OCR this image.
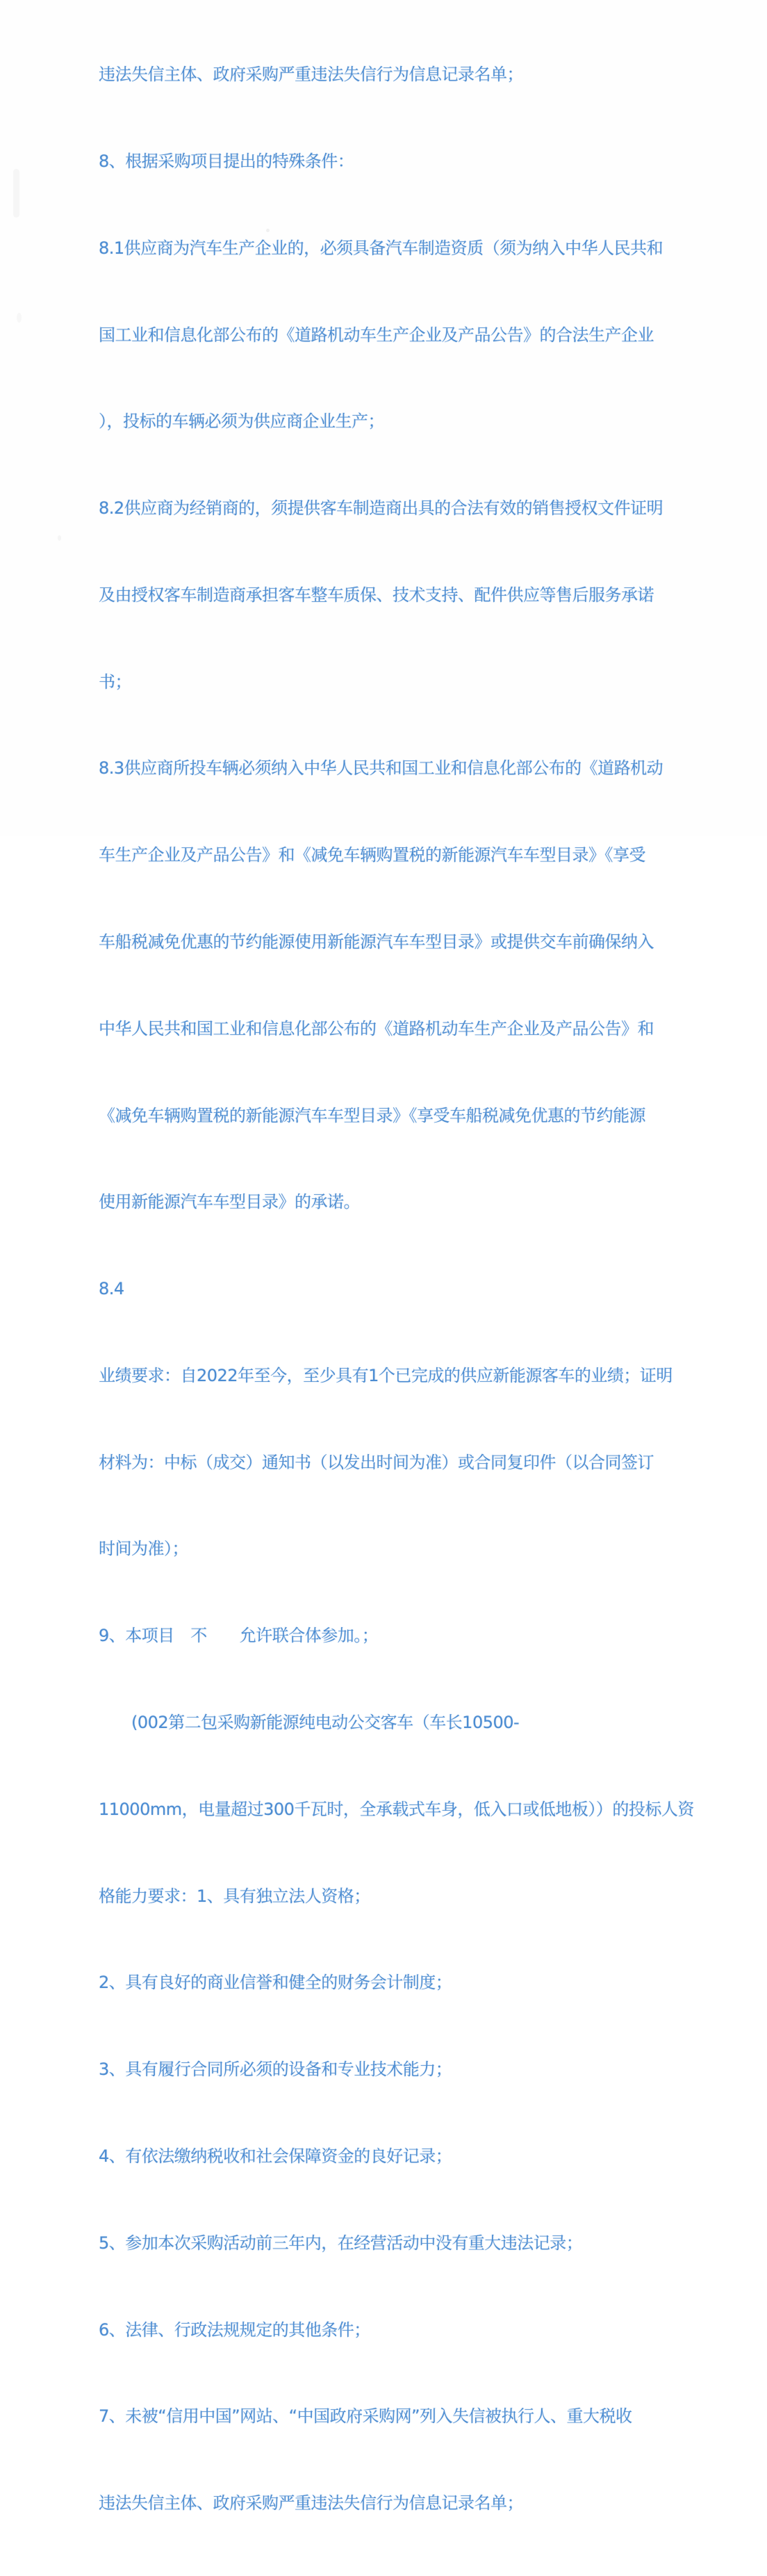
违法失信主体、政府采购严重违法失信行为信息记录名单；

8、根据采购项目提出的特殊条件：

8.1供应商为汽车生产企业的，必须具备汽车制造资质（须为纳入中华人民共和

国工业和信息化部公布的《道路机动车生产企业及产品公告》的合法生产企业

），投标的车辆必须为供应商企业生产；

8.2供应商为经销商的，须提供客车制造商出具的合法有效的销售授权文件证明

及由授权客车制造商承担客车整车质保、技术支持、配件供应等售后服务承诺

书；

8.3供应商所投车辆必须纳入中华人民共和国工业和信息化部公布的《道路机动

车生产企业及产品公告》和《减免车辆购置税的新能源汽车车型目录》《享受

车船税减免优惠的节约能源使用新能源汽车车型目录》或提供交车前确保纳入

中华人民共和国工业和信息化部公布的《道路机动车生产企业及产品公告》和

《减免车辆购置税的新能源汽车车型目录》《享受车船税减免优惠的节约能源

使用新能源汽车车型目录》的承诺。

8.4

业绩要求：自2022年至今，至少具有1个已完成的供应新能源客车的业绩；证明

材料为：中标（成交）通知书（以发出时间为准）或合同复印件（以合同签订

时间为准）；

9、本项目　不　　允许联合体参加。；

　　(002第二包采购新能源纯电动公交客车（车长10500-

11000mm，电量超过300千瓦时，全承载式车身，低入口或低地板））的投标人资

格能力要求：1、具有独立法人资格；

2、具有良好的商业信誉和健全的财务会计制度；

3、具有履行合同所必须的设备和专业技术能力；

4、有依法缴纳税收和社会保障资金的良好记录；

5、参加本次采购活动前三年内，在经营活动中没有重大违法记录；

6、法律、行政法规规定的其他条件；

7、未被“信用中国”网站、“中国政府采购网”列入失信被执行人、重大税收

违法失信主体、政府采购严重违法失信行为信息记录名单；
